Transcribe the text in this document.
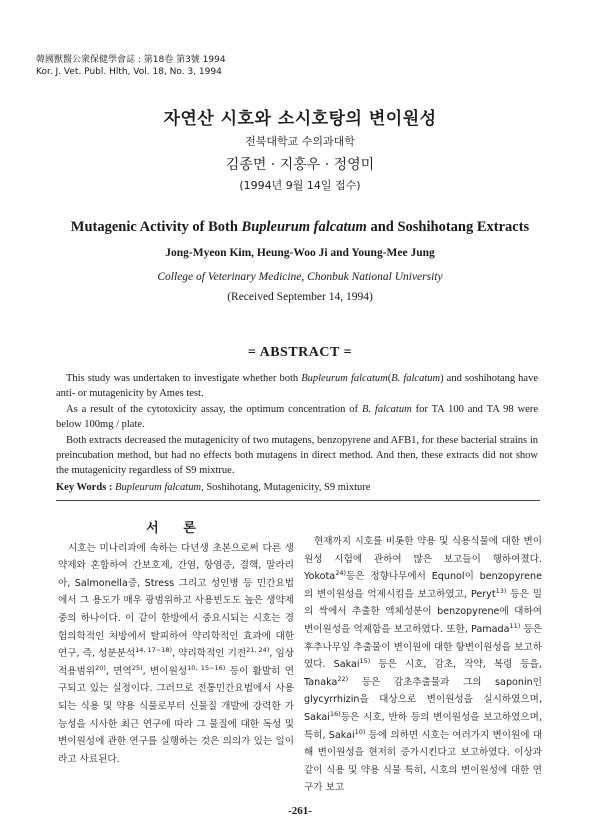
韓國獸醫公衆保健學會誌 : 第18卷 第3號 1994
Kor. J. Vet. Publ. Hlth, Vol. 18, No. 3, 1994
자연산 시호와 소시호탕의 변이원성
전북대학교 수의과대학
김종면 · 지홍우 · 정영미
(1994년 9월 14일 접수)
Mutagenic Activity of Both Bupleurum falcatum and Soshihotang Extracts
Jong-Myeon Kim, Heung-Woo Ji and Young-Mee Jung
College of Veterinary Medicine, Chonbuk National University
(Received September 14, 1994)
= ABSTRACT =

This study was undertaken to investigate whether both Bupleurum falcatum(B. falcatum) and soshihotang have anti- or mutagenicity by Ames test.

As a result of the cytotoxicity assay, the optimum concentration of B. falcatum for TA 100 and TA 98 were below 100mg / plate.

Both extracts decreased the mutagenicity of two mutagens, benzopyrene and AFB1, for these bacterial strains in preincubation method, but had no effects both mutagens in direct method. And then, these extracts did not show the mutagenicity regardless of S9 mixtrue.

Key Words : Bupleurum falcatum, Soshihotang, Mutagenicity, S9 mixture
서 론

시호는 미나리과에 속하는 다년생 초본으로써 다른 생약제와 혼합하여 간보호제, 간염, 항염증, 결핵, 말라리아, Salmonella증, Stress 그리고 성인병 등 민간요법에서 그 용도가 매우 광범위하고 사용빈도도 높은 생약제 중의 하나이다. 이 같이 한방에서 중요시되는 시호는 경험의학적인 처방에서 탈피하여 약리학적인 효과에 대한 연구, 즉, 성분분석$^{14, 17\sim 18)}$, 약리학적인 기전$^{21, 24)}$, 임상적용범위$^{20)}$, 면역$^{25)}$, 변이원성$^{10, 15\sim 16)}$ 등이 활발히 연구되고 있는 실정이다. 그러므로 전통민간요법에서 사용되는 식용 및 약용 식물로부터 신물질 개발에 강력한 가능성을 시사한 최근 연구에 따라 그 물질에 대한 독성 및 변이원성에 관한 연구를 실행하는 것은 의의가 있는 일이라고 사료된다.

현재까지 시호를 비롯한 약용 및 식용식물에 대한 변이원성 시험에 관하여 많은 보고들이 행하여졌다. Yokota$^{24)}$등은 정향나무에서 Equnol이 benzopyrene의 변이원성을 억제시킴을 보고하였고, Peryt$^{13)}$ 등은 밀의 싹에서 추출한 액체성분이 benzopyrene에 대하여 변이원성을 억제함을 보고하였다. 또한, Pamada$^{11)}$ 등은 후추나무잎 추출물이 변이원에 대한 항변이원성을 보고하였다. Sakai$^{15)}$ 등은 시호, 감초, 작약, 복령 등을, Tanaka$^{22)}$ 등은 감초추출물과 그의 saponin인 glycyrrhizin을 대상으로 변이원성을 실시하였으며, Sakai$^{16)}$등은 시호, 반하 등의 변이원성을 보고하였으며, 특히, Sakai$^{10)}$ 등에 의하면 시호는 여러가지 변이원에 대해 변이원성을 현저히 증가시킨다고 보고하였다. 이상과 같이 식용 및 약용 식물 특히, 시호의 변이원성에 대한 연구가 보고

-261-
